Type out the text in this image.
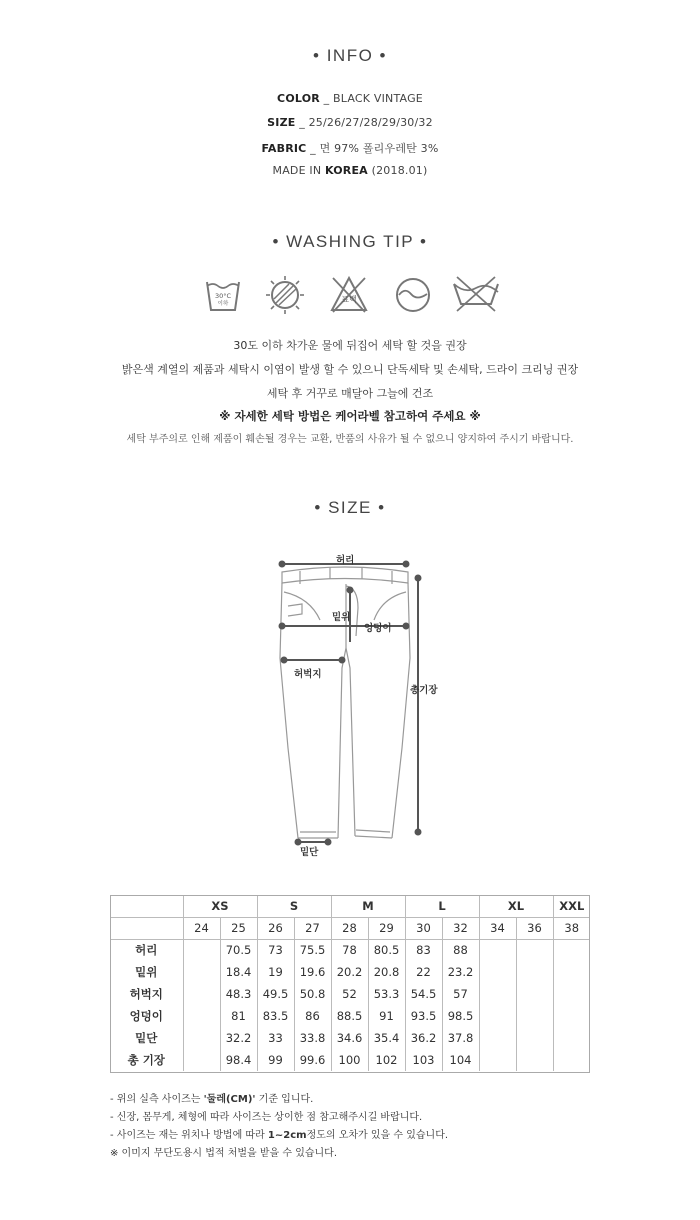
• INFO •
COLOR _ BLACK VINTAGE
SIZE _ 25/26/27/28/29/30/32
FABRIC _ 면 97% 폴리우레탄 3%
MADE IN KOREA (2018.01)
• WASHING TIP •
30°C
이하	표백
30도 이하 차가운 물에 뒤집어 세탁 할 것을 권장
밝은색 계열의 제품과 세탁시 이염이 발생 할 수 있으니 단독세탁 및 손세탁, 드라이 크리닝 권장
세탁 후 거꾸로 매달아 그늘에 건조
※ 자세한 세탁 방법은 케어라벨 참고하여 주세요 ※
세탁 부주의로 인해 제품이 훼손될 경우는 교환, 반품의 사유가 될 수 없으니 양지하여 주시기 바랍니다.
• SIZE •
허리
밑위
엉덩이
허벅지
총기장
밑단
	XS		S		M		L		XL		XXL
	24	25	26	27	28	29	30	32	34	36	38
허리		70.5	73	75.5	78	80.5	83	88			
밑위		18.4	19	19.6	20.2	20.8	22	23.2			
허벅지		48.3	49.5	50.8	52	53.3	54.5	57			
엉덩이		81	83.5	86	88.5	91	93.5	98.5			
밑단		32.2	33	33.8	34.6	35.4	36.2	37.8			
총 기장		98.4	99	99.6	100	102	103	104			
- 위의 실측 사이즈는 '둘레(CM)' 기준 입니다.
- 신장, 몸무게, 체형에 따라 사이즈는 상이한 점 참고해주시길 바랍니다.
- 사이즈는 재는 위치나 방법에 따라 1~2cm정도의 오차가 있을 수 있습니다.
※ 이미지 무단도용시 법적 처벌을 받을 수 있습니다.
